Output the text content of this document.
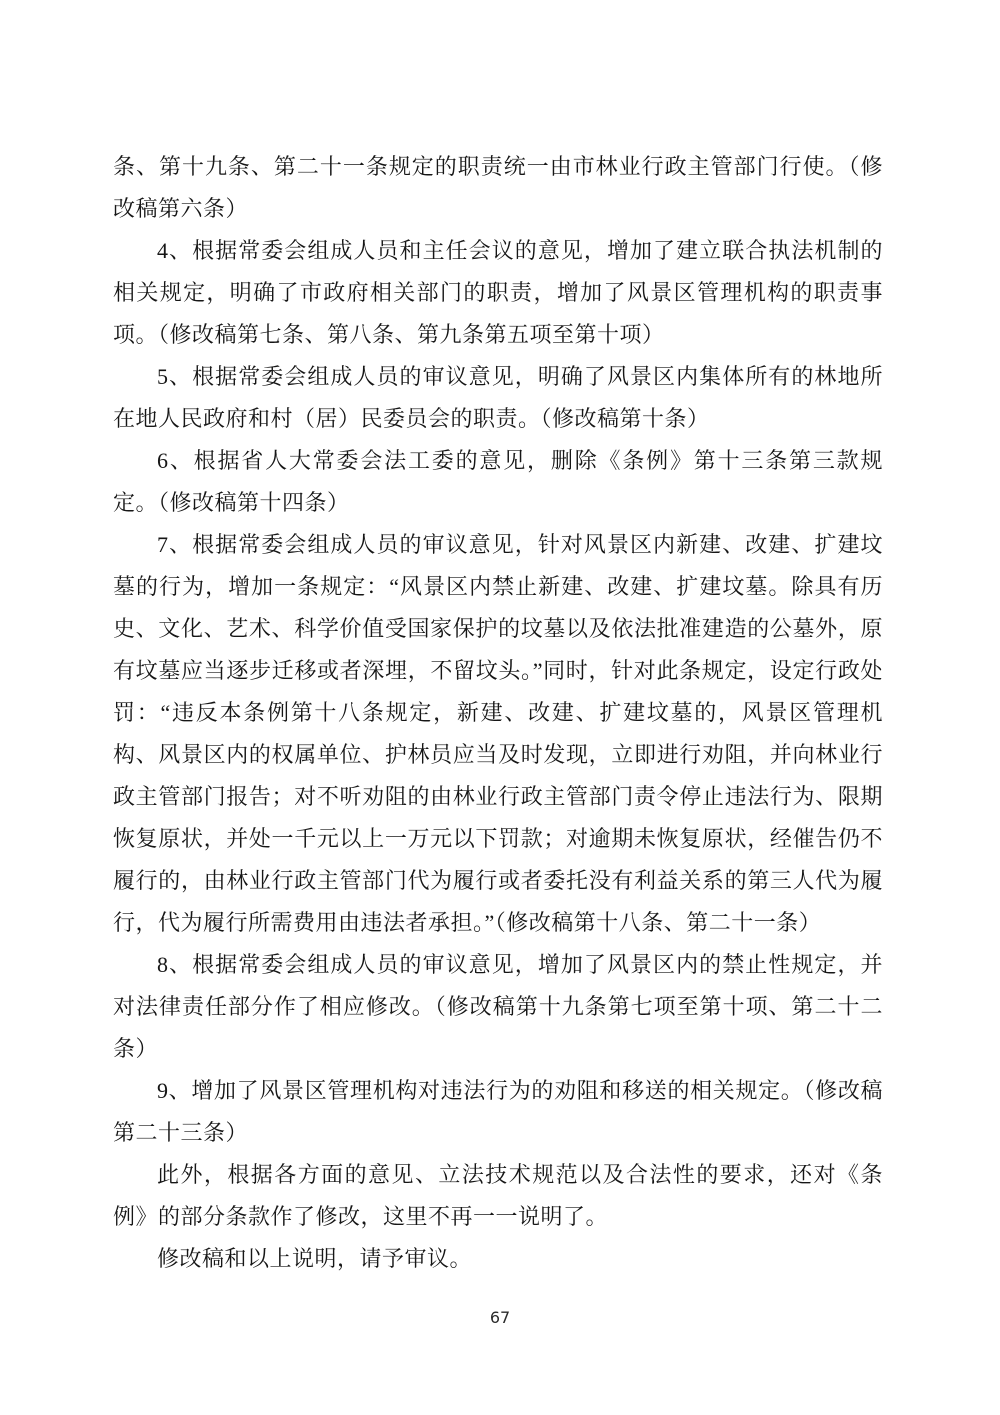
条、第十九条、第二十一条规定的职责统一由市林业行政主管部门行使。（修改稿第六条）

4、根据常委会组成人员和主任会议的意见，增加了建立联合执法机制的相关规定，明确了市政府相关部门的职责，增加了风景区管理机构的职责事项。（修改稿第七条、第八条、第九条第五项至第十项）

5、根据常委会组成人员的审议意见，明确了风景区内集体所有的林地所在地人民政府和村（居）民委员会的职责。（修改稿第十条）

6、根据省人大常委会法工委的意见，删除《条例》第十三条第三款规定。（修改稿第十四条）

7、根据常委会组成人员的审议意见，针对风景区内新建、改建、扩建坟墓的行为，增加一条规定：“风景区内禁止新建、改建、扩建坟墓。除具有历史、文化、艺术、科学价值受国家保护的坟墓以及依法批准建造的公墓外，原有坟墓应当逐步迁移或者深埋，不留坟头。”同时，针对此条规定，设定行政处罚：“违反本条例第十八条规定，新建、改建、扩建坟墓的，风景区管理机构、风景区内的权属单位、护林员应当及时发现，立即进行劝阻，并向林业行政主管部门报告；对不听劝阻的由林业行政主管部门责令停止违法行为、限期恢复原状，并处一千元以上一万元以下罚款；对逾期未恢复原状，经催告仍不履行的，由林业行政主管部门代为履行或者委托没有利益关系的第三人代为履行，代为履行所需费用由违法者承担。”（修改稿第十八条、第二十一条）

8、根据常委会组成人员的审议意见，增加了风景区内的禁止性规定，并对法律责任部分作了相应修改。（修改稿第十九条第七项至第十项、第二十二条）

9、增加了风景区管理机构对违法行为的劝阻和移送的相关规定。（修改稿第二十三条）

此外，根据各方面的意见、立法技术规范以及合法性的要求，还对《条例》的部分条款作了修改，这里不再一一说明了。

修改稿和以上说明，请予审议。

67
